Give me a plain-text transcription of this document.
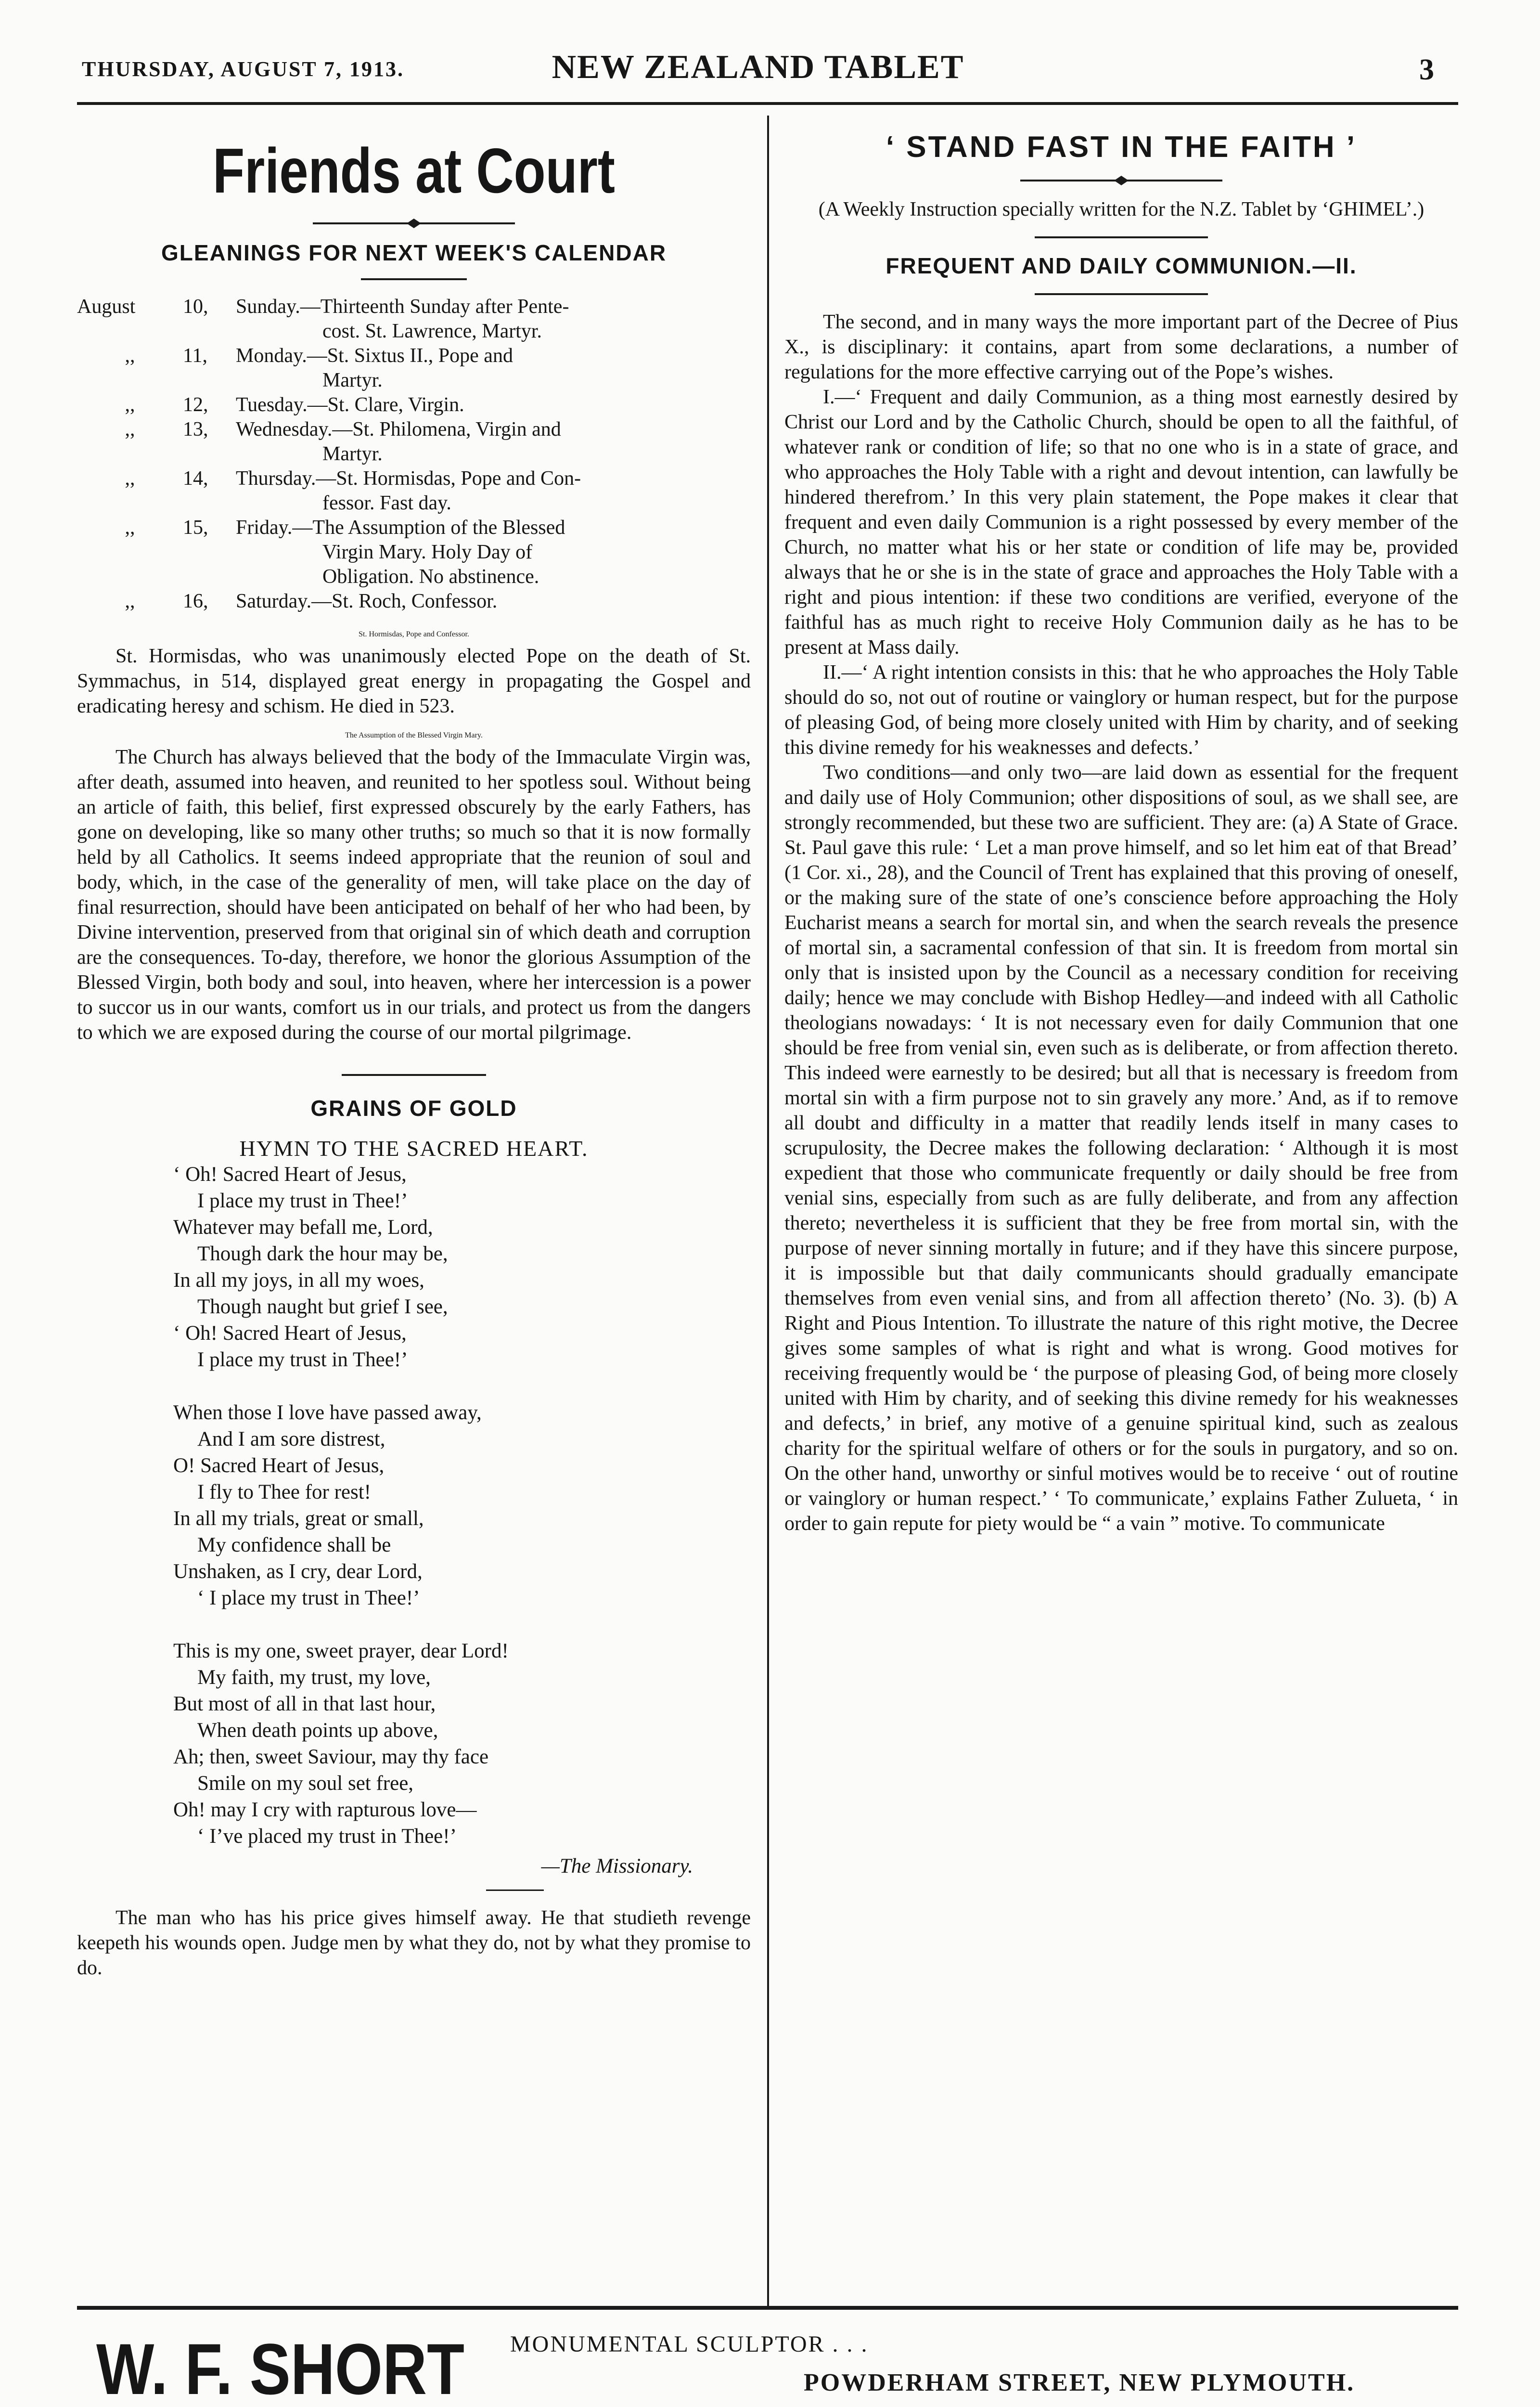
THURSDAY, AUGUST 7, 1913.	NEW ZEALAND TABLET	3
Friends at Court
GLEANINGS FOR NEXT WEEK'S CALENDAR
August	10,	Sunday.—Thirteenth Sunday after Pente-
cost. St. Lawrence, Martyr.
,,	11,	Monday.—St. Sixtus II., Pope and
Martyr.
,,	12,	Tuesday.—St. Clare, Virgin.
,,	13,	Wednesday.—St. Philomena, Virgin and
Martyr.
,,	14,	Thursday.—St. Hormisdas, Pope and Con-
fessor. Fast day.
,,	15,	Friday.—The Assumption of the Blessed
Virgin Mary. Holy Day of
Obligation. No abstinence.
,,	16,	Saturday.—St. Roch, Confessor.
St. Hormisdas, Pope and Confessor.

St. Hormisdas, who was unanimously elected Pope on the death of St. Symmachus, in 514, displayed great energy in propagating the Gospel and eradicating heresy and schism. He died in 523.

The Assumption of the Blessed Virgin Mary.

The Church has always believed that the body of the Immaculate Virgin was, after death, assumed into heaven, and reunited to her spotless soul. Without being an article of faith, this belief, first expressed obscurely by the early Fathers, has gone on developing, like so many other truths; so much so that it is now formally held by all Catholics. It seems indeed appropriate that the reunion of soul and body, which, in the case of the generality of men, will take place on the day of final resurrection, should have been anticipated on behalf of her who had been, by Divine intervention, preserved from that original sin of which death and corruption are the consequences. To-day, therefore, we honor the glorious Assumption of the Blessed Virgin, both body and soul, into heaven, where her intercession is a power to succor us in our wants, comfort us in our trials, and protect us from the dangers to which we are exposed during the course of our mortal pilgrimage.

GRAINS OF GOLD
HYMN TO THE SACRED HEART.
‘ Oh! Sacred Heart of Jesus,
I place my trust in Thee!’
Whatever may befall me, Lord,
Though dark the hour may be,
In all my joys, in all my woes,
Though naught but grief I see,
‘ Oh! Sacred Heart of Jesus,
I place my trust in Thee!’
When those I love have passed away,
And I am sore distrest,
O! Sacred Heart of Jesus,
I fly to Thee for rest!
In all my trials, great or small,
My confidence shall be
Unshaken, as I cry, dear Lord,
‘ I place my trust in Thee!’
This is my one, sweet prayer, dear Lord!
My faith, my trust, my love,
But most of all in that last hour,
When death points up above,
Ah; then, sweet Saviour, may thy face
Smile on my soul set free,
Oh! may I cry with rapturous love—
‘ I’ve placed my trust in Thee!’
—The Missionary.

The man who has his price gives himself away. He that studieth revenge keepeth his wounds open. Judge men by what they do, not by what they promise to do.

‘ STAND FAST IN THE FAITH ’
(A Weekly Instruction specially written for the N.Z. Tablet by ‘GHIMEL’.)
FREQUENT AND DAILY COMMUNION.—II.

The second, and in many ways the more important part of the Decree of Pius X., is disciplinary: it contains, apart from some declarations, a number of regulations for the more effective carrying out of the Pope’s wishes.

I.—‘ Frequent and daily Communion, as a thing most earnestly desired by Christ our Lord and by the Catholic Church, should be open to all the faithful, of whatever rank or condition of life; so that no one who is in a state of grace, and who approaches the Holy Table with a right and devout intention, can lawfully be hindered therefrom.’ In this very plain statement, the Pope makes it clear that frequent and even daily Communion is a right possessed by every member of the Church, no matter what his or her state or condition of life may be, provided always that he or she is in the state of grace and approaches the Holy Table with a right and pious intention: if these two conditions are verified, everyone of the faithful has as much right to receive Holy Communion daily as he has to be present at Mass daily.

II.—‘ A right intention consists in this: that he who approaches the Holy Table should do so, not out of routine or vainglory or human respect, but for the purpose of pleasing God, of being more closely united with Him by charity, and of seeking this divine remedy for his weaknesses and defects.’

Two conditions—and only two—are laid down as essential for the frequent and daily use of Holy Communion; other dispositions of soul, as we shall see, are strongly recommended, but these two are sufficient. They are: (a) A State of Grace. St. Paul gave this rule: ‘ Let a man prove himself, and so let him eat of that Bread’ (1 Cor. xi., 28), and the Council of Trent has explained that this proving of oneself, or the making sure of the state of one’s conscience before approaching the Holy Eucharist means a search for mortal sin, and when the search reveals the presence of mortal sin, a sacramental confession of that sin. It is freedom from mortal sin only that is insisted upon by the Council as a necessary condition for receiving daily; hence we may conclude with Bishop Hedley—and indeed with all Catholic theologians nowadays: ‘ It is not necessary even for daily Communion that one should be free from venial sin, even such as is deliberate, or from affection thereto. This indeed were earnestly to be desired; but all that is necessary is freedom from mortal sin with a firm purpose not to sin gravely any more.’ And, as if to remove all doubt and difficulty in a matter that readily lends itself in many cases to scrupulosity, the Decree makes the following declaration: ‘ Although it is most expedient that those who communicate frequently or daily should be free from venial sins, especially from such as are fully deliberate, and from any affection thereto; nevertheless it is sufficient that they be free from mortal sin, with the purpose of never sinning mortally in future; and if they have this sincere purpose, it is impossible but that daily communicants should gradually emancipate themselves from even venial sins, and from all affection thereto’ (No. 3). (b) A Right and Pious Intention. To illustrate the nature of this right motive, the Decree gives some samples of what is right and what is wrong. Good motives for receiving frequently would be ‘ the purpose of pleasing God, of being more closely united with Him by charity, and of seeking this divine remedy for his weaknesses and defects,’ in brief, any motive of a genuine spiritual kind, such as zealous charity for the spiritual welfare of others or for the souls in purgatory, and so on. On the other hand, unworthy or sinful motives would be to receive ‘ out of routine or vainglory or human respect.’ ‘ To communicate,’ explains Father Zulueta, ‘ in order to gain repute for piety would be “ a vain ” motive. To communicate

W. F. SHORT MONUMENTAL SCULPTOR . . .
POWDERHAM STREET, NEW PLYMOUTH.
